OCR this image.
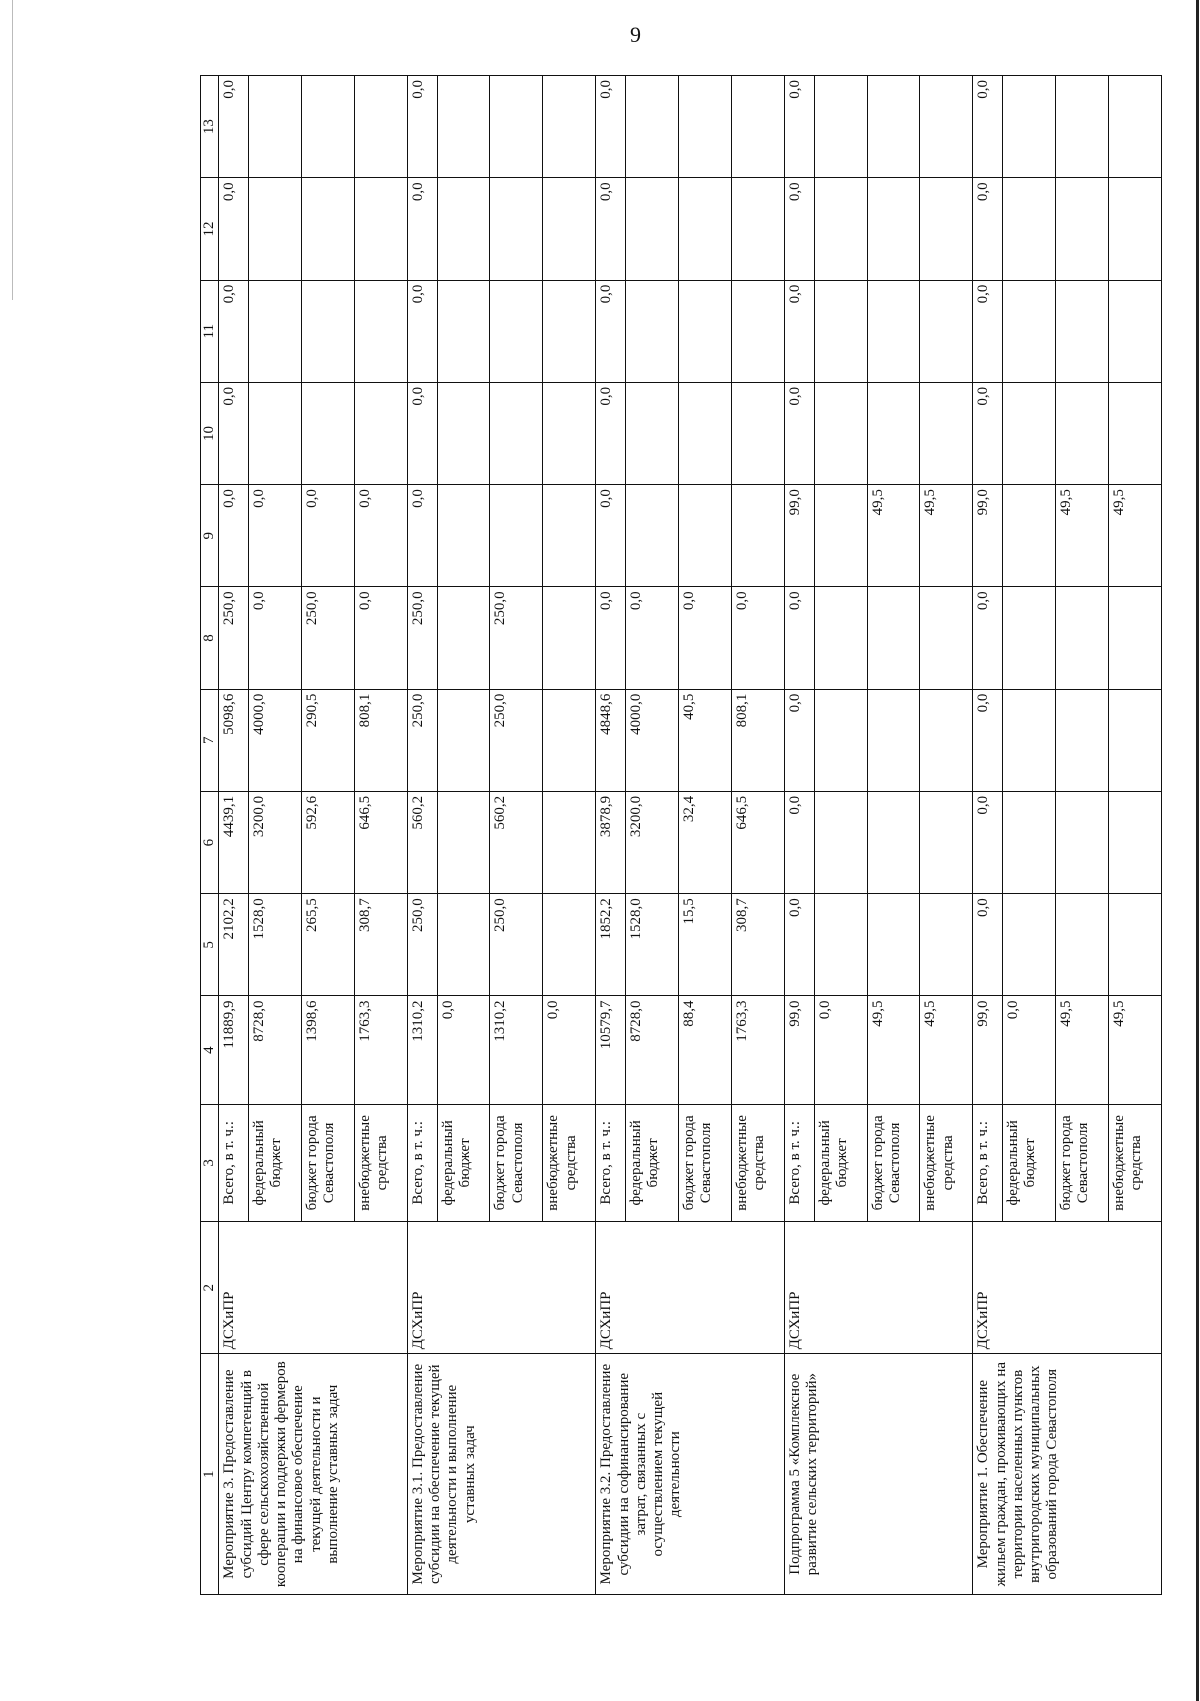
9
1	2	3	4	5	6	7	8	9	10	11	12	13
Мероприятие 3. Предоставление субсидий Центру компетенций в сфере сельскохозяйственной кооперации и поддержки фермеров на финансовое обеспечение текущей деятельности и выполнение уставных задач	ДСХиПР	Всего, в т. ч.:	11889,9	2102,2	4439,1	5098,6	250,0	0,0	0,0	0,0	0,0	0,0
		федеральный бюджет	8728,0	1528,0	3200,0	4000,0	0,0	0,0				
		бюджет города Севастополя	1398,6	265,5	592,6	290,5	250,0	0,0				
		внебюджетные средства	1763,3	308,7	646,5	808,1	0,0	0,0				
Мероприятие 3.1. Предоставление субсидии на обеспечение текущей деятельности и выполнение уставных задач	ДСХиПР	Всего, в т. ч.:	1310,2	250,0	560,2	250,0	250,0	0,0	0,0	0,0	0,0	0,0
		федеральный бюджет	0,0									
		бюджет города Севастополя	1310,2	250,0	560,2	250,0	250,0					
		внебюджетные средства	0,0									
Мероприятие 3.2. Предоставление субсидии на софинансирование затрат, связанных с осуществлением текущей деятельности	ДСХиПР	Всего, в т. ч.:	10579,7	1852,2	3878,9	4848,6	0,0	0,0	0,0	0,0	0,0	0,0
		федеральный бюджет	8728,0	1528,0	3200,0	4000,0	0,0					
		бюджет города Севастополя	88,4	15,5	32,4	40,5	0,0					
		внебюджетные средства	1763,3	308,7	646,5	808,1	0,0					
Подпрограмма 5 «Комплексное развитие сельских территорий»	ДСХиПР	Всего, в т. ч.:	99,0	0,0	0,0	0,0	0,0	99,0	0,0	0,0	0,0	0,0
		федеральный бюджет	0,0									
		бюджет города Севастополя	49,5					49,5				
		внебюджетные средства	49,5					49,5				
Мероприятие 1. Обеспечение жильем граждан, проживающих на территории населенных пунктов внутригородских муниципальных образований города Севастополя	ДСХиПР	Всего, в т. ч.:	99,0	0,0	0,0	0,0	0,0	99,0	0,0	0,0	0,0	0,0
		федеральный бюджет	0,0									
		бюджет города Севастополя	49,5					49,5				
		внебюджетные средства	49,5					49,5				
